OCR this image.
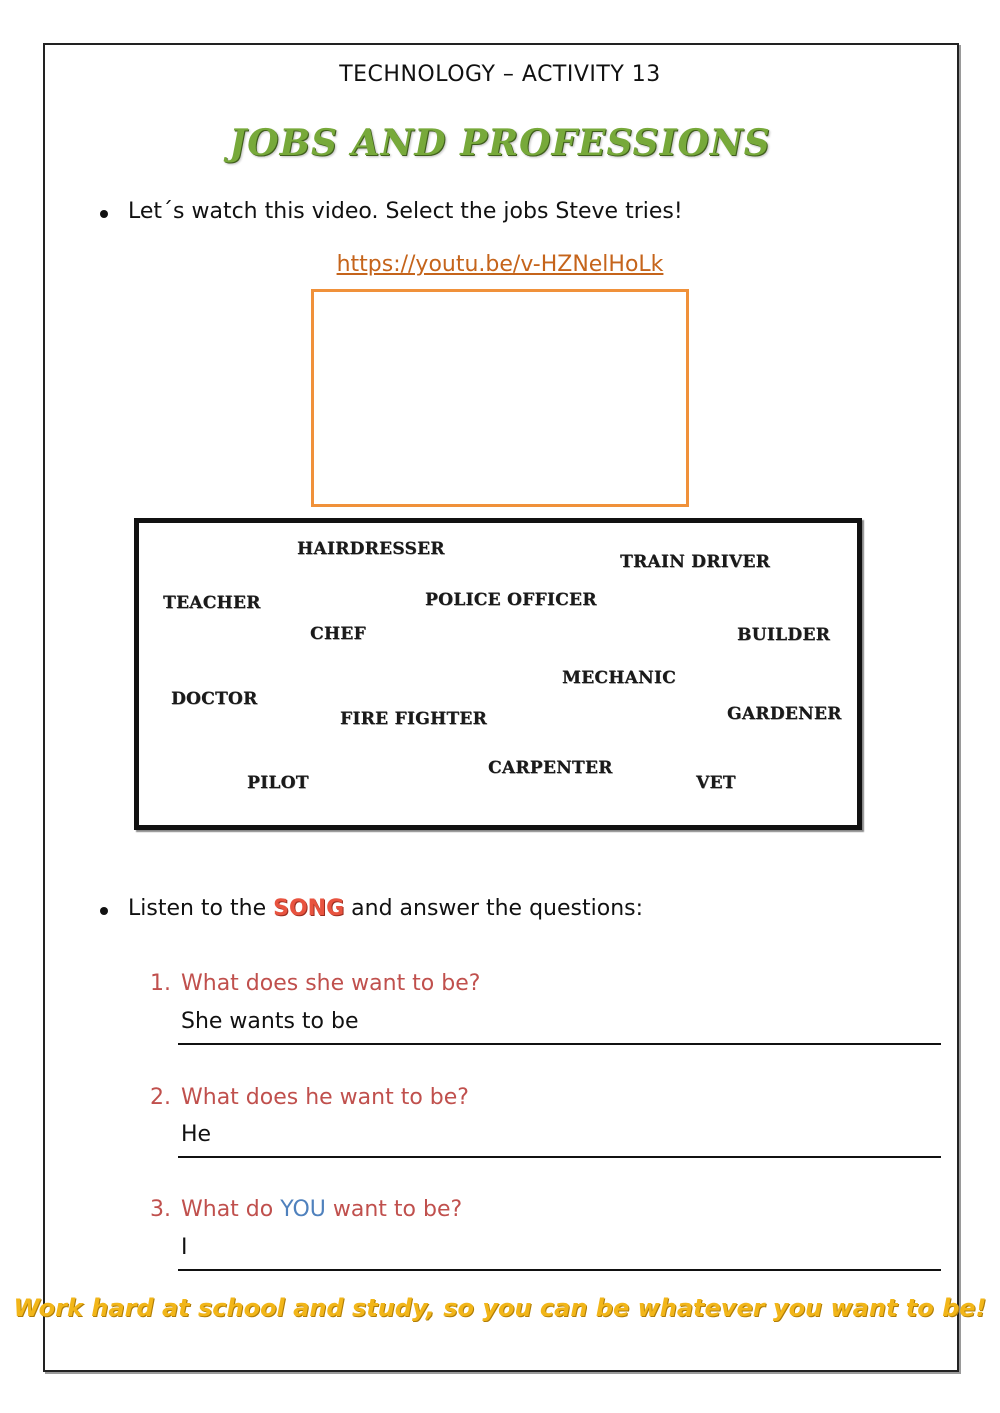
TECHNOLOGY – ACTIVITY 13
JOBS AND PROFESSIONS
Let´s watch this video. Select the jobs Steve tries!
https://youtu.be/v-HZNelHoLk
HAIRDRESSER
TRAIN DRIVER
TEACHER	POLICE OFFICER
CHEF	BUILDER
MECHANIC
DOCTOR
FIRE FIGHTER	GARDENER
PILOT
CARPENTER
VET
Listen to the SONG and answer the questions:
1. What does she want to be?
She wants to be
2. What does he want to be?
He
3. What do YOU want to be?
I
Work hard at school and study, so you can be whatever you want to be!
